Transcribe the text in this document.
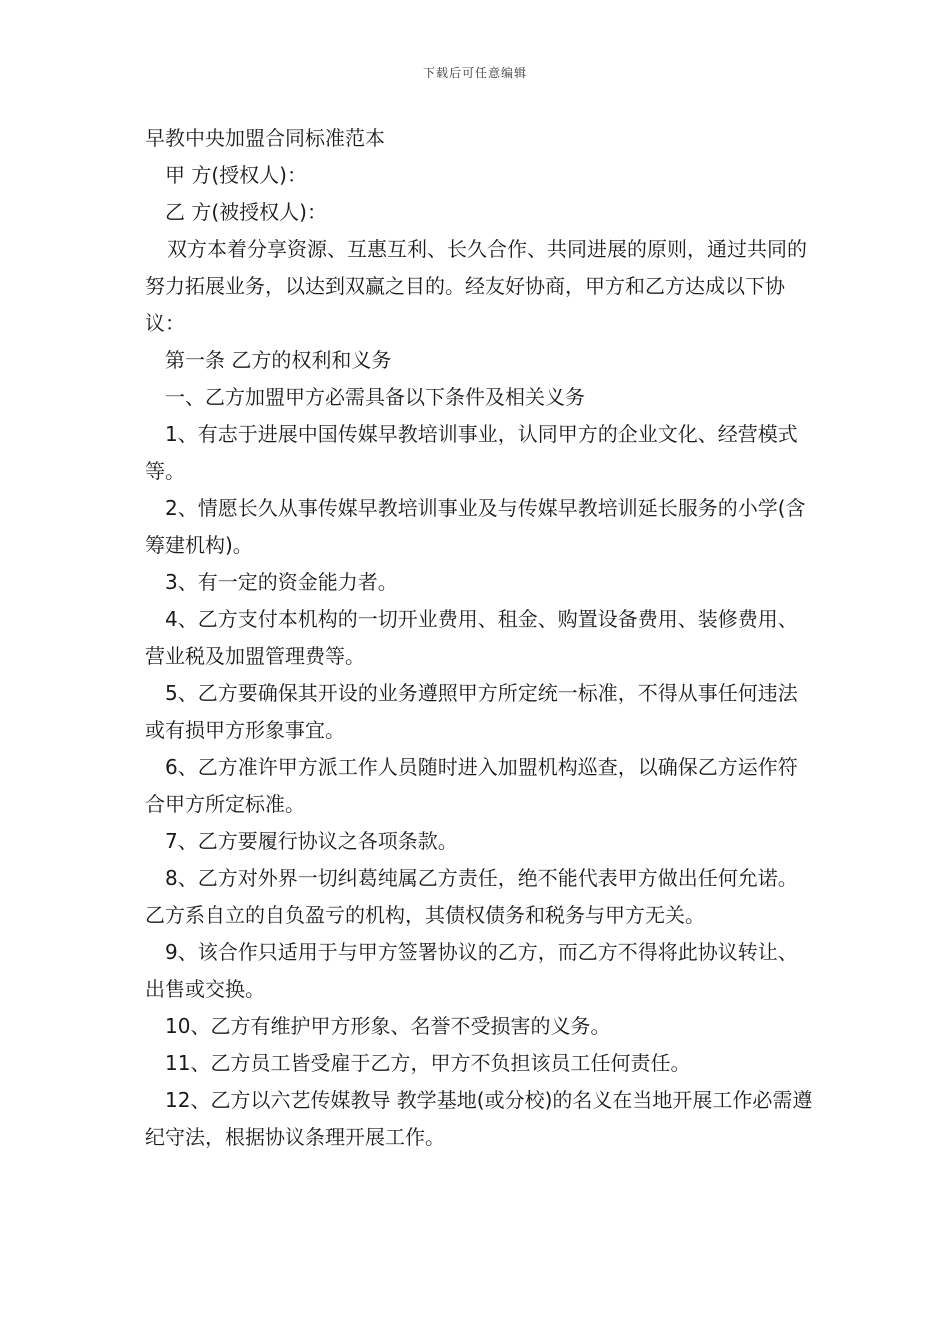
下载后可任意编辑

早教中央加盟合同标准范本

甲 方(授权人)：

乙 方(被授权人)：

双方本着分享资源、互惠互利、长久合作、共同进展的原则，通过共同的努力拓展业务，以达到双赢之目的。经友好协商，甲方和乙方达成以下协议：

第一条 乙方的权利和义务

一、乙方加盟甲方必需具备以下条件及相关义务

1、有志于进展中国传媒早教培训事业，认同甲方的企业文化、经营模式等。

2、情愿长久从事传媒早教培训事业及与传媒早教培训延长服务的小学(含筹建机构)。

3、有一定的资金能力者。

4、乙方支付本机构的一切开业费用、租金、购置设备费用、装修费用、营业税及加盟管理费等。

5、乙方要确保其开设的业务遵照甲方所定统一标准，不得从事任何违法或有损甲方形象事宜。

6、乙方准许甲方派工作人员随时进入加盟机构巡查，以确保乙方运作符合甲方所定标准。

7、乙方要履行协议之各项条款。

8、乙方对外界一切纠葛纯属乙方责任，绝不能代表甲方做出任何允诺。乙方系自立的自负盈亏的机构，其债权债务和税务与甲方无关。

9、该合作只适用于与甲方签署协议的乙方，而乙方不得将此协议转让、出售或交换。

10、乙方有维护甲方形象、名誉不受损害的义务。

11、乙方员工皆受雇于乙方，甲方不负担该员工任何责任。

12、乙方以六艺传媒教导 教学基地(或分校)的名义在当地开展工作必需遵纪守法，根据协议条理开展工作。
